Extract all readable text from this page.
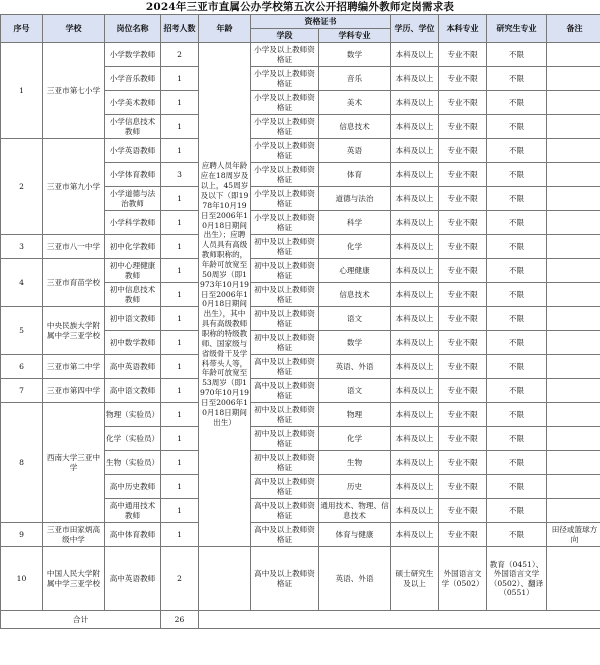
2024年三亚市直属公办学校第五次公开招聘编外教师定岗需求表
序号	学校	岗位名称	招考人数	年龄	资格证书		学历、学位	本科专业	研究生专业	备注
					学段	学科专业				
1	三亚市第七小学	小学数学教师	2	应聘人员年龄应在18周岁及以上，45周岁及以下（即1978年10月19日至2006年10月18日期间出生）；应聘人员具有高级教师职称的，年龄可放宽至50周岁（即1973年10月19日至2006年10月18日期间出生），其中具有高级教师职称的特级教师、国家级与省级骨干及学科带头人等，年龄可放宽至53周岁（即1970年10月19日至2006年10月18日期间出生）	小学及以上教师资格证	数学	本科及以上	专业不限	不限	
		小学音乐教师	1		小学及以上教师资格证	音乐	本科及以上	专业不限	不限	
		小学美术教师	1		小学及以上教师资格证	美术	本科及以上	专业不限	不限	
		小学信息技术教师	1		小学及以上教师资格证	信息技术	本科及以上	专业不限	不限	
2	三亚市第九小学	小学英语教师	1		小学及以上教师资格证	英语	本科及以上	专业不限	不限	
		小学体育教师	3		小学及以上教师资格证	体育	本科及以上	专业不限	不限	
		小学道德与法治教师	1		小学及以上教师资格证	道德与法治	本科及以上	专业不限	不限	
		小学科学教师	1		小学及以上教师资格证	科学	本科及以上	专业不限	不限	
3	三亚市八一中学	初中化学教师	1		初中及以上教师资格证	化学	本科及以上	专业不限	不限	
4	三亚市育苗学校	初中心理健康教师	1		初中及以上教师资格证	心理健康	本科及以上	专业不限	不限	
		初中信息技术教师	1		初中及以上教师资格证	信息技术	本科及以上	专业不限	不限	
5	中央民族大学附属中学三亚学校	初中语文教师	1		初中及以上教师资格证	语文	本科及以上	专业不限	不限	
		初中数学教师	1		初中及以上教师资格证	数学	本科及以上	专业不限	不限	
6	三亚市第二中学	高中英语教师	1		高中及以上教师资格证	英语、外语	本科及以上	专业不限	不限	
7	三亚市第四中学	高中语文教师	1		高中及以上教师资格证	语文	本科及以上	专业不限	不限	
8	西南大学三亚中学	物理（实验员）	1		初中及以上教师资格证	物理	本科及以上	专业不限	不限	
		化学（实验员）	1		初中及以上教师资格证	化学	本科及以上	专业不限	不限	
		生物（实验员）	1		初中及以上教师资格证	生物	本科及以上	专业不限	不限	
		高中历史教师	1		高中及以上教师资格证	历史	本科及以上	专业不限	不限	
		高中通用技术教师	1		高中及以上教师资格证	通用技术、物理、信息技术	本科及以上	专业不限	不限	
9	三亚市田家炳高级中学	高中体育教师	1		高中及以上教师资格证	体育与健康	本科及以上	专业不限	不限	田径或篮球方向
10	中国人民大学附属中学三亚学校	高中英语教师	2		高中及以上教师资格证	英语、外语	硕士研究生及以上	外国语言文学（0502）	教育（0451）、外国语言文学（0502）、翻译（0551）	
合计			26							
